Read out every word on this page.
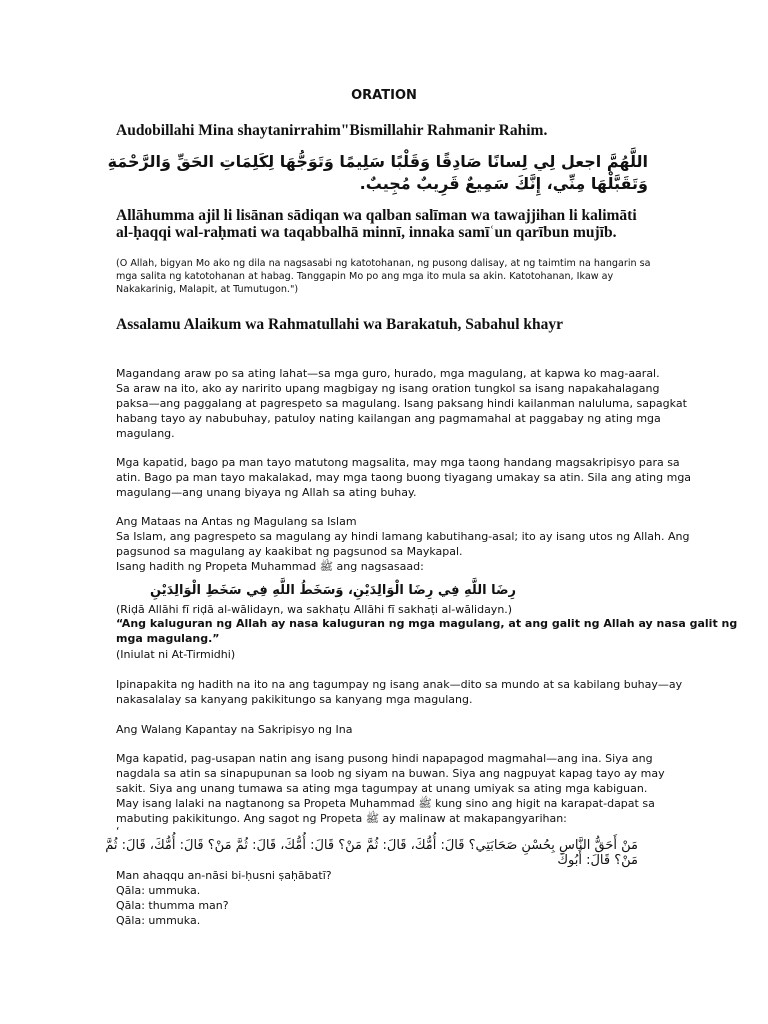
ORATION

Audobillahi Mina shaytanirrahim"Bismillahir Rahmanir Rahim.

اللَّهُمَّ اجعل لِي لِسانًا صَادِقًا وَقَلْبًا سَلِيمًا وَتَوَجُّهَا لِكَلِمَاتِ الحَقِّ وَالرَّحْمَةِ

وَتَقَبَّلْهَا مِنِّي، إِنَّكَ سَمِيعٌ قَرِيبٌ مُجِيبٌ.

Allāhumma ajil li lisānan sādiqan wa qalban salīman wa tawajjihan li kalimāti

al-ḥaqqi wal-raḥmati wa taqabbalhā minnī, innaka samīʿun qarībun mujīb.

(O Allah, bigyan Mo ako ng dila na nagsasabi ng katotohanan, ng pusong dalisay, at ng taimtim na hangarin sa

mga salita ng katotohanan at habag. Tanggapin Mo po ang mga ito mula sa akin. Katotohanan, Ikaw ay

Nakakarinig, Malapit, at Tumutugon.")

Assalamu Alaikum wa Rahmatullahi wa Barakatuh, Sabahul khayr

Magandang araw po sa ating lahat—sa mga guro, hurado, mga magulang, at kapwa ko mag-aaral.

Sa araw na ito, ako ay naririto upang magbigay ng isang oration tungkol sa isang napakahalagang

paksa—ang paggalang at pagrespeto sa magulang. Isang paksang hindi kailanman naluluma, sapagkat

habang tayo ay nabubuhay, patuloy nating kailangan ang pagmamahal at paggabay ng ating mga

magulang.

Mga kapatid, bago pa man tayo matutong magsalita, may mga taong handang magsakripisyo para sa

atin. Bago pa man tayo makalakad, may mga taong buong tiyagang umakay sa atin. Sila ang ating mga

magulang—ang unang biyaya ng Allah sa ating buhay.

Ang Mataas na Antas ng Magulang sa Islam

Sa Islam, ang pagrespeto sa magulang ay hindi lamang kabutihang-asal; ito ay isang utos ng Allah. Ang

pagsunod sa magulang ay kaakibat ng pagsunod sa Maykapal.

Isang hadith ng Propeta Muhammad ﷺ ang nagsasaad:

رِضَا اللَّهِ فِي رِضَا الْوَالِدَيْنِ، وَسَخَطُ اللَّهِ فِي سَخَطِ الْوَالِدَيْنِ

(Riḍā Allāhi fī riḍā al-wālidayn, wa sakhaṭu Allāhi fī sakhaṭi al-wālidayn.)

“Ang kaluguran ng Allah ay nasa kaluguran ng mga magulang, at ang galit ng Allah ay nasa galit ng

mga magulang.”

(Iniulat ni At-Tirmidhi)

Ipinapakita ng hadith na ito na ang tagumpay ng isang anak—dito sa mundo at sa kabilang buhay—ay

nakasalalay sa kanyang pakikitungo sa kanyang mga magulang.

Ang Walang Kapantay na Sakripisyo ng Ina

Mga kapatid, pag-usapan natin ang isang pusong hindi napapagod magmahal—ang ina. Siya ang

nagdala sa atin sa sinapupunan sa loob ng siyam na buwan. Siya ang nagpuyat kapag tayo ay may

sakit. Siya ang unang tumawa sa ating mga tagumpay at unang umiyak sa ating mga kabiguan.

May isang lalaki na nagtanong sa Propeta Muhammad ﷺ kung sino ang higit na karapat-dapat sa

mabuting pakikitungo. Ang sagot ng Propeta ﷺ ay malinaw at makapangyarihan:

‘

مَنْ أَحَقُّ النَّاسِ بِحُسْنِ صَحَابَتِي؟ قَالَ: أُمُّكَ، قَالَ: ثُمَّ مَنْ؟ قَالَ: أُمُّكَ، قَالَ: ثُمَّ مَنْ؟ قَالَ: أُمُّكَ، قَالَ: ثُمَّ

مَنْ؟ قَالَ: أَبُوكَ

Man ahaqqu an-nāsi bi-ḥusni ṣaḥābatī?

Qāla: ummuka.

Qāla: thumma man?

Qāla: ummuka.
